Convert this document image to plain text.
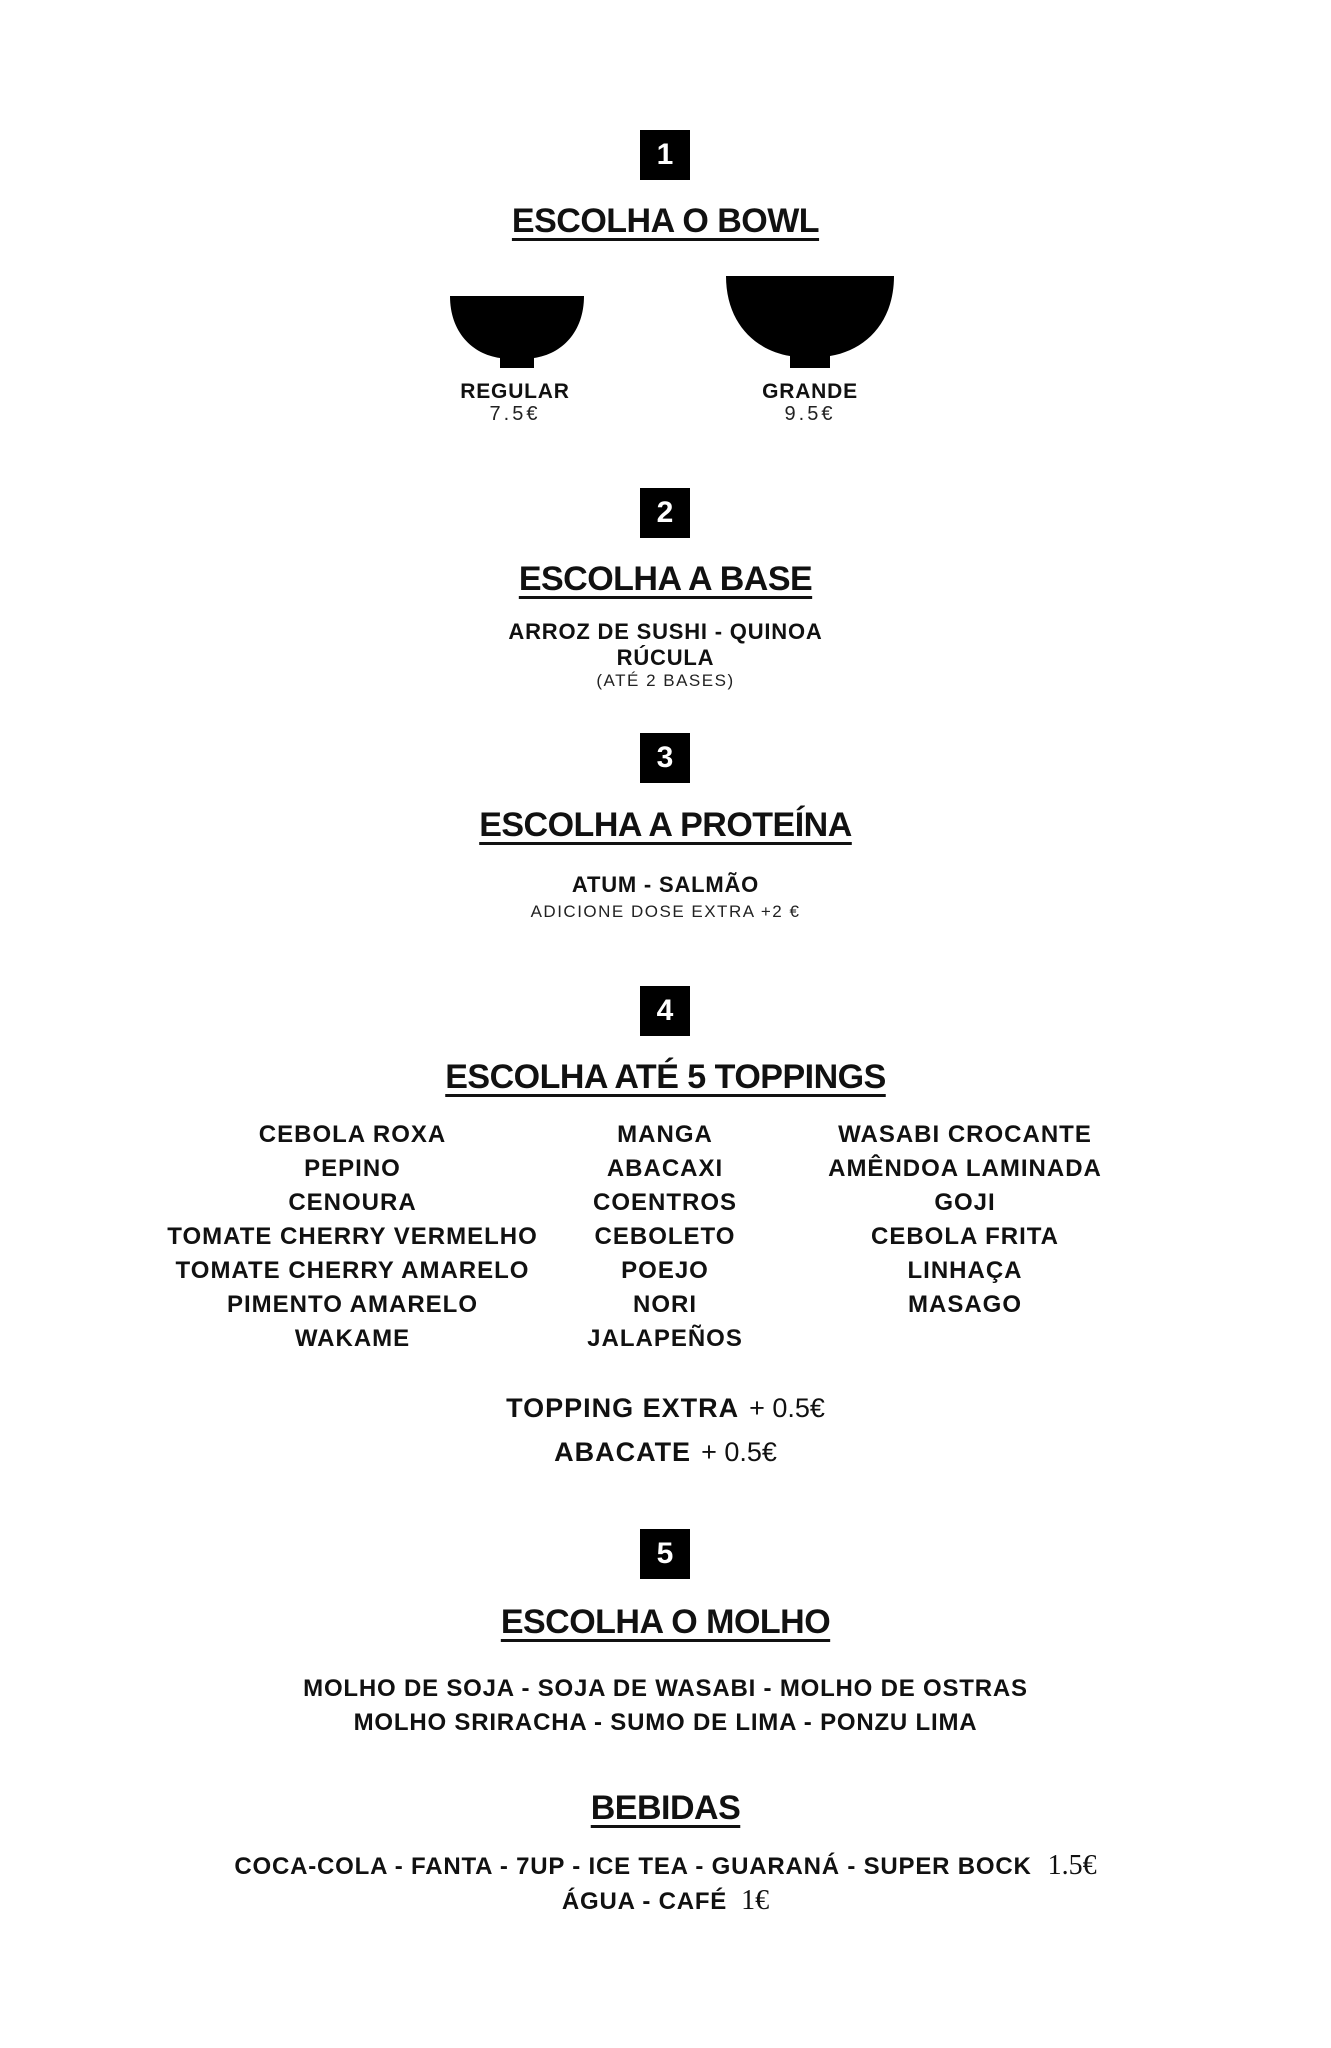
1
ESCOLHA O BOWL
REGULAR
7.5€
GRANDE
9.5€
2
ESCOLHA A BASE
ARROZ DE SUSHI - QUINOA
RÚCULA
(ATÉ 2 BASES)
3
ESCOLHA A PROTEÍNA
ATUM - SALMÃO
ADICIONE DOSE EXTRA +2 €
4
ESCOLHA ATÉ 5 TOPPINGS
CEBOLA ROXA
PEPINO
CENOURA
TOMATE CHERRY VERMELHO
TOMATE CHERRY AMARELO
PIMENTO AMARELO
WAKAME
MANGA
ABACAXI
COENTROS
CEBOLETO
POEJO
NORI
JALAPEÑOS
WASABI CROCANTE
AMÊNDOA LAMINADA
GOJI
CEBOLA FRITA
LINHAÇA
MASAGO
TOPPING EXTRA + 0.5€
ABACATE + 0.5€
5
ESCOLHA O MOLHO
MOLHO DE SOJA - SOJA DE WASABI - MOLHO DE OSTRAS
MOLHO SRIRACHA - SUMO DE LIMA - PONZU LIMA
BEBIDAS
COCA-COLA - FANTA - 7UP - ICE TEA - GUARANÁ - SUPER BOCK 1.5€
ÁGUA - CAFÉ 1€
